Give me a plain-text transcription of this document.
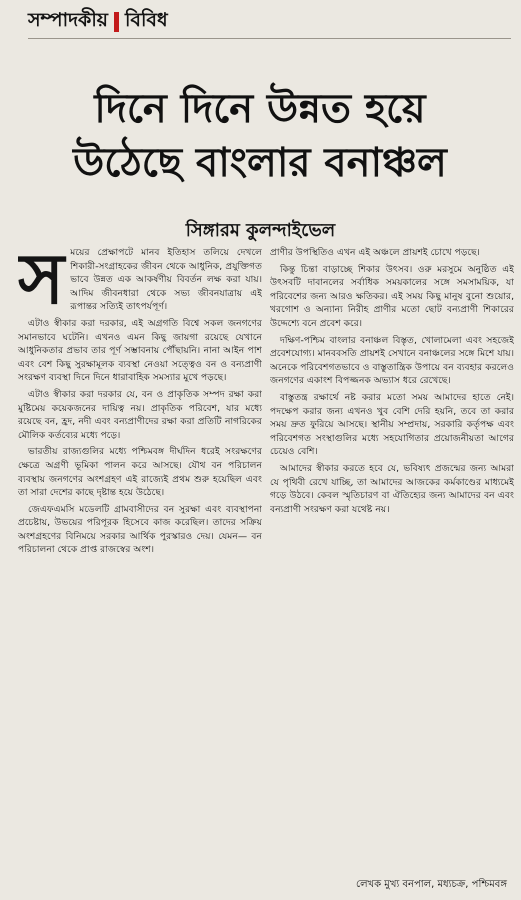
সম্পাদকীয় বিবিধ
দিনে দিনে উন্নত হয়ে
উঠেছে বাংলার বনাঞ্চল
সিঙ্গারম কুলন্দাইভেল
স ময়ের প্রেক্ষাপটে মানব ইতিহাস তলিয়ে দেখলে শিকারী-সংগ্রাহকের জীবন থেকে আধুনিক, প্রযুক্তিগত ভাবে উন্নত এক আকর্ষণীয় বিবর্তন লক্ষ করা যায়। আদিম জীবনধারা থেকে সভ্য জীবনযাত্রায় এই রূপান্তর সত্যিই তাৎপর্যপূর্ণ।

এটাও স্বীকার করা দরকার, এই অগ্রগতি বিশ্বে সকল জনগণের সমানভাবে ঘটেনি। এখনও এমন কিছু জায়গা রয়েছে যেখানে আধুনিকতার প্রভাব তার পূর্ণ সম্ভাবনায় পৌঁছায়নি। নানা আইন পাশ এবং বেশ কিছু সুরক্ষামূলক ব্যবস্থা নেওয়া সত্ত্বেও বন ও বন্যপ্রাণী সংরক্ষণ ব্যবস্থা দিনে দিনে ধারাবাহিক সমস্যার মুখে পড়ছে।

এটাও স্বীকার করা দরকার যে, বন ও প্রাকৃতিক সম্পদ রক্ষা করা মুষ্টিমেয় কয়েকজনের দায়িত্ব নয়। প্রাকৃতিক পরিবেশ, যার মধ্যে রয়েছে বন, হ্রদ, নদী এবং বন্যপ্রাণীদের রক্ষা করা প্রতিটি নাগরিকের মৌলিক কর্তব্যের মধ্যে পড়ে।

ভারতীয় রাজ্যগুলির মধ্যে পশ্চিমবঙ্গ দীর্ঘদিন ধরেই সংরক্ষণের ক্ষেত্রে অগ্রণী ভূমিকা পালন করে আসছে। যৌথ বন পরিচালন ব্যবস্থায় জনগণের অংশগ্রহণ এই রাজ্যেই প্রথম শুরু হয়েছিল এবং তা সারা দেশের কাছে দৃষ্টান্ত হয়ে উঠেছে।

জেএফএমসি মডেলটি গ্রামবাসীদের বন সুরক্ষা এবং ব্যবস্থাপনা প্রচেষ্টায়, উভয়ের পরিপূরক হিসেবে কাজ করেছিল। তাদের সক্রিয় অংশগ্রহণের বিনিময়ে সরকার আর্থিক পুরস্কারও দেয়। যেমন— বন পরিচালনা থেকে প্রাপ্ত রাজস্বের অংশ।

প্রাণীর উপস্থিতিও এখন এই অঞ্চলে প্রায়শই চোখে পড়ছে।

কিন্তু চিন্তা বাড়াচ্ছে শিকার উৎসব। ওরু মরসুমে অনুষ্ঠিত এই উৎসবটি দাবানলের সর্বাধিক সময়কালের সঙ্গে সমসাময়িক, যা পরিবেশের জন্য আরও ক্ষতিকর। এই সময় কিছু মানুষ বুনো শুয়োর, খরগোশ ও অন্যান্য নিরীহ প্রাণীর মতো ছোট বন্যপ্রাণী শিকারের উদ্দেশ্যে বনে প্রবেশ করে।

দক্ষিণ-পশ্চিম বাংলার বনাঞ্চল বিস্তৃত, খোলামেলা এবং সহজেই প্রবেশযোগ্য। মানববসতি প্রায়শই সেখানে বনাঞ্চলের সঙ্গে মিশে যায়। অনেকে পরিবেশগতভাবে ও বাস্তুতান্ত্রিক উপায়ে বন ব্যবহার করলেও জনগণের একাংশ বিপজ্জনক অভ্যাস ধরে রেখেছে।

বাস্তুতন্ত্র রক্ষার্থে নষ্ট করার মতো সময় আমাদের হাতে নেই। পদক্ষেপ করার জন্য এখনও খুব বেশি দেরি হয়নি, তবে তা করার সময় দ্রুত ফুরিয়ে আসছে। স্থানীয় সম্প্রদায়, সরকারি কর্তৃপক্ষ এবং পরিবেশগত সংস্থাগুলির মধ্যে সহযোগিতার প্রয়োজনীয়তা আগের চেয়েও বেশি।

আমাদের স্বীকার করতে হবে যে, ভবিষ্যৎ প্রজন্মের জন্য আমরা যে পৃথিবী রেখে যাচ্ছি, তা আমাদের আজকের কর্মকাণ্ডের মাধ্যমেই গড়ে উঠবে। কেবল স্মৃতিচারণ বা ঐতিহ্যের জন্য আমাদের বন এবং বন্যপ্রাণী সংরক্ষণ করা যথেষ্ট নয়।

লেখক মুখ্য বনপাল, মধ্যচক্র, পশ্চিমবঙ্গ
